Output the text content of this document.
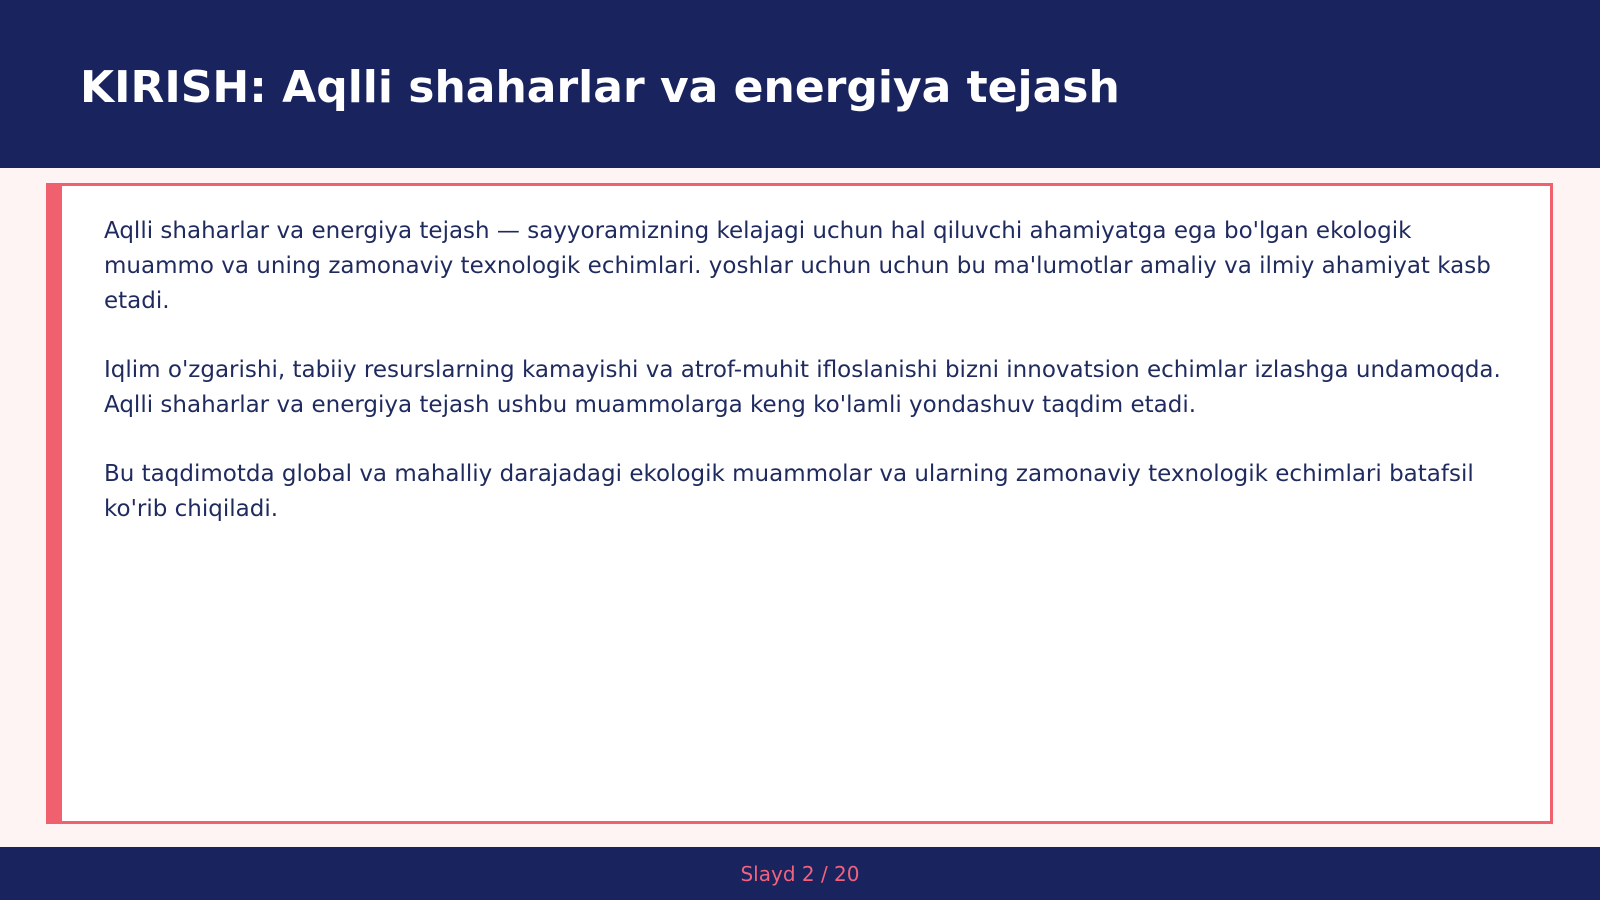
KIRISH: Aqlli shaharlar va energiya tejash

Aqlli shaharlar va energiya tejash — sayyoramizning kelajagi uchun hal qiluvchi ahamiyatga ega bo'lgan ekologik muammo va uning zamonaviy texnologik echimlari. yoshlar uchun uchun bu ma'lumotlar amaliy va ilmiy ahamiyat kasb etadi.

Iqlim o'zgarishi, tabiiy resurslarning kamayishi va atrof-muhit ifloslanishi bizni innovatsion echimlar izlashga undamoqda. Aqlli shaharlar va energiya tejash ushbu muammolarga keng ko'lamli yondashuv taqdim etadi.

Bu taqdimotda global va mahalliy darajadagi ekologik muammolar va ularning zamonaviy texnologik echimlari batafsil ko'rib chiqiladi.

Slayd 2 / 20
